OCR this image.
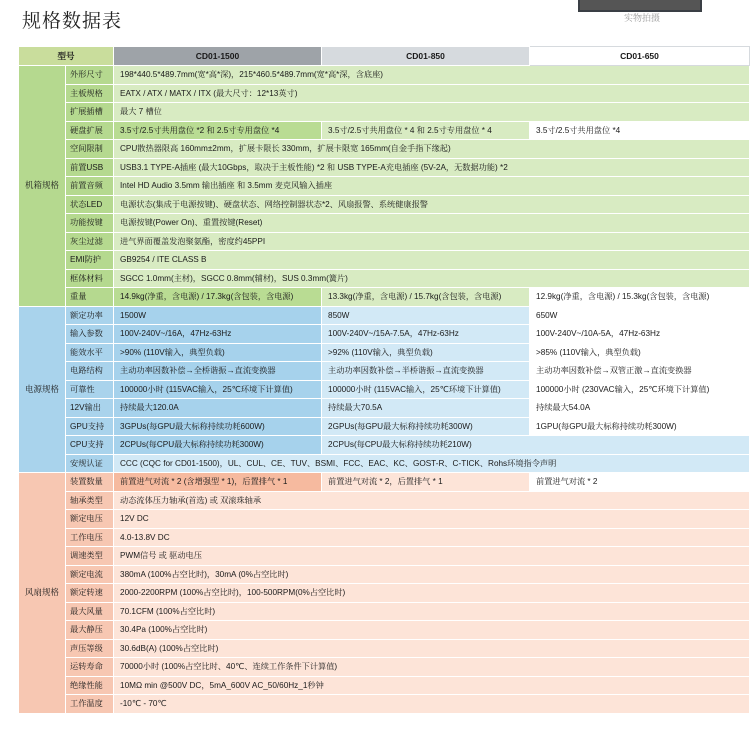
规格数据表	实物拍摄
型号		CD01-1500	CD01-850	CD01-650
机箱规格	外形尺寸	198*440.5*489.7mm(宽*高*深)，215*460.5*489.7mm(宽*高*深，含底座)		
	主板规格	EATX / ATX / MATX / ITX (最大尺寸：12*13英寸)		
	扩展插槽	最大 7 槽位		
	硬盘扩展	3.5寸/2.5寸共用盘位 *2 和 2.5寸专用盘位 *4	3.5寸/2.5寸共用盘位 * 4 和 2.5寸专用盘位 * 4	3.5寸/2.5寸共用盘位 *4
	空间限制	CPU散热器限高 160mm±2mm，扩展卡限长 330mm，扩展卡限宽 165mm(自金手指下缘起)		
	前置USB	USB3.1 TYPE-A插座 (最大10Gbps，取决于主板性能) *2 和 USB TYPE-A充电插座 (5V-2A，无数据功能) *2		
	前置音频	Intel HD Audio 3.5mm 输出插座 和 3.5mm 麦克风输入插座		
	状态LED	电源状态(集成于电源按键)、硬盘状态、网络控制器状态*2、风扇报警、系统健康报警		
	功能按键	电源按键(Power On)、重置按键(Reset)		
	灰尘过滤	进气界面覆盖发泡聚氨酯，密度约45PPI		
	EMI防护	GB9254 / ITE CLASS B		
	框体材料	SGCC 1.0mm(主材)，SGCC 0.8mm(辅材)，SUS 0.3mm(簧片)		
	重量	14.9kg(净重，含电源) / 17.3kg(含包装，含电源)	13.3kg(净重，含电源) / 15.7kg(含包装，含电源)	12.9kg(净重，含电源) / 15.3kg(含包装，含电源)
电源规格	额定功率	1500W	850W	650W
	输入参数	100V-240V~/16A，47Hz-63Hz	100V-240V~/15A-7.5A，47Hz-63Hz	100V-240V~/10A-5A，47Hz-63Hz
	能效水平	>90% (110V输入，典型负载)	>92% (110V输入，典型负载)	>85% (110V输入，典型负载)
	电路结构	主动功率因数补偿→全桥谐振→直流变换器	主动功率因数补偿→半桥谐振→直流变换器	主动功率因数补偿→双管正激→直流变换器
	可靠性	100000小时 (115VAC输入，25℃环境下计算值)	100000小时 (115VAC输入，25℃环境下计算值)	100000小时 (230VAC输入，25℃环境下计算值)
	12V输出	持续最大120.0A	持续最大70.5A	持续最大54.0A
	GPU支持	3GPUs(每GPU最大标称持续功耗600W)	2GPUs(每GPU最大标称持续功耗300W)	1GPU(每GPU最大标称持续功耗300W)
	CPU支持	2CPUs(每CPU最大标称持续功耗300W)	2CPUs(每CPU最大标称持续功耗210W)	
	安规认证	CCC (CQC for CD01-1500)，UL、CUL、CE、TUV、BSMI、FCC、EAC、KC、GOST-R、C-TICK、Rohs环境指令声明		
风扇规格	装置数量	前置进气对流 * 2 (含增强型 * 1)，后置排气 * 1	前置进气对流 * 2，后置排气 * 1	前置进气对流 * 2
	轴承类型	动态流体压力轴承(首选) 或 双滚珠轴承		
	额定电压	12V DC		
	工作电压	4.0-13.8V DC		
	调速类型	PWM信号 或 驱动电压		
	额定电流	380mA (100%占空比时)，30mA (0%占空比时)		
	额定转速	2000-2200RPM (100%占空比时)，100-500RPM(0%占空比时)		
	最大风量	70.1CFM (100%占空比时)		
	最大静压	30.4Pa (100%占空比时)		
	声压等级	30.6dB(A) (100%占空比时)		
	运转寿命	70000小时 (100%占空比时、40℃、连续工作条件下计算值)		
	绝缘性能	10MΩ min @500V DC，5mA_600V AC_50/60Hz_1秒钟		
	工作温度	-10℃ - 70℃		
